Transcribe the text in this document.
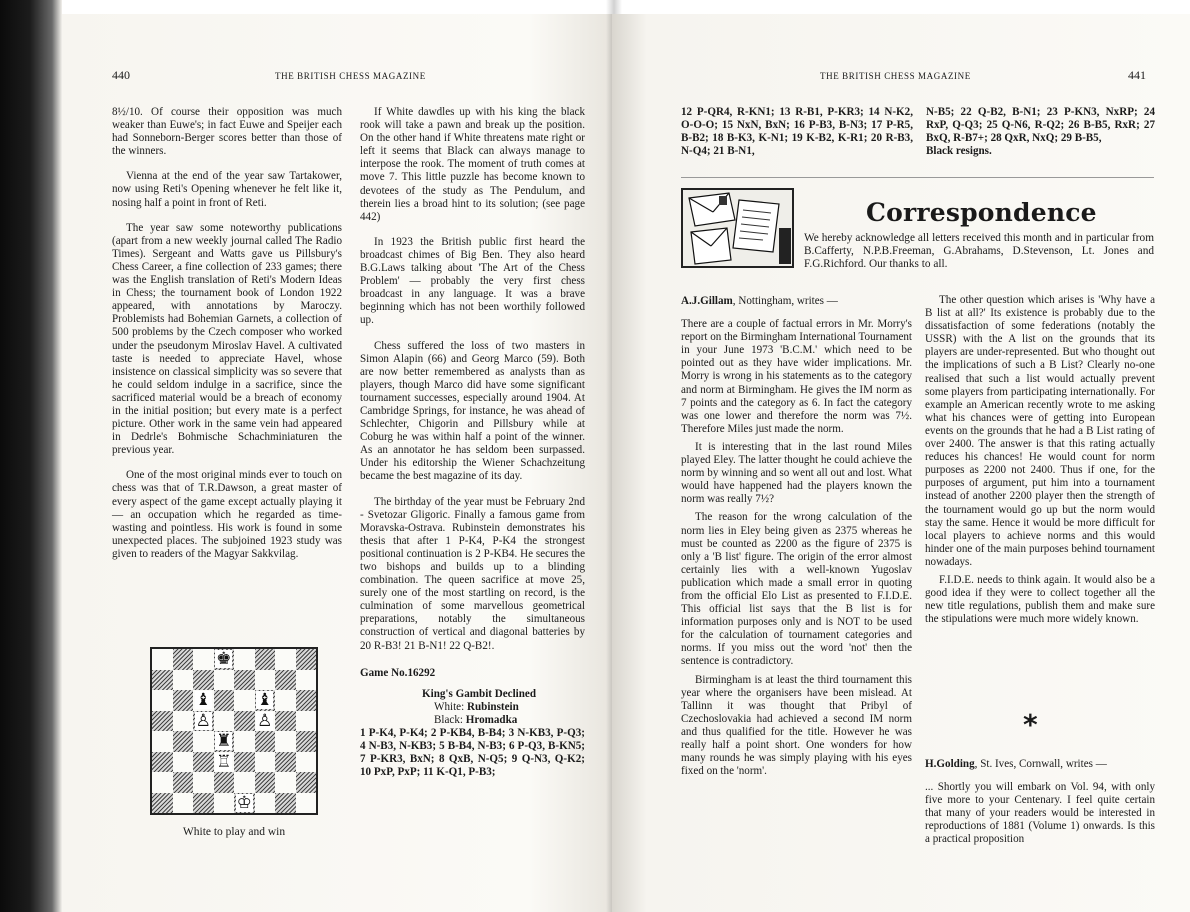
440	THE BRITISH CHESS MAGAZINE

8½/10. Of course their opposition was much weaker than Euwe's; in fact Euwe and Speijer each had Sonneborn-Berger scores better than those of the winners.

Vienna at the end of the year saw Tartakower, now using Reti's Opening whenever he felt like it, nosing half a point in front of Reti.

The year saw some noteworthy publications (apart from a new weekly journal called The Radio Times). Sergeant and Watts gave us Pillsbury's Chess Career, a fine collection of 233 games; there was the English translation of Reti's Modern Ideas in Chess; the tournament book of London 1922 appeared, with annotations by Maroczy. Problemists had Bohemian Garnets, a collection of 500 problems by the Czech composer who worked under the pseudonym Miroslav Havel. A cultivated taste is needed to appreciate Havel, whose insistence on classical simplicity was so severe that he could seldom indulge in a sacrifice, since the sacrificed material would be a breach of economy in the initial position; but every mate is a perfect picture. Other work in the same vein had appeared in Dedrle's Bohmische Schachminiaturen the previous year.

One of the most original minds ever to touch on chess was that of T.R.Dawson, a great master of every aspect of the game except actually playing it — an occupation which he regarded as time-wasting and pointless. His work is found in some unexpected places. The subjoined 1923 study was given to readers of the Magyar Sakkvilag.

♚
♝	♝
♙	♙
♜
♖
♔
White to play and win

If White dawdles up with his king the black rook will take a pawn and break up the position. On the other hand if White threatens mate right or left it seems that Black can always manage to interpose the rook. The moment of truth comes at move 7. This little puzzle has become known to devotees of the study as The Pendulum, and therein lies a broad hint to its solution; (see page 442)

In 1923 the British public first heard the broadcast chimes of Big Ben. They also heard B.G.Laws talking about 'The Art of the Chess Problem' — probably the very first chess broadcast in any language. It was a brave beginning which has not been worthily followed up.

Chess suffered the loss of two masters in Simon Alapin (66) and Georg Marco (59). Both are now better remembered as analysts than as players, though Marco did have some significant tournament successes, especially around 1904. At Cambridge Springs, for instance, he was ahead of Schlechter, Chigorin and Pillsbury while at Coburg he was within half a point of the winner. As an annotator he has seldom been surpassed. Under his editorship the Wiener Schachzeitung became the best magazine of its day.

The birthday of the year must be February 2nd - Svetozar Gligoric. Finally a famous game from Moravska-Ostrava. Rubinstein demonstrates his thesis that after 1 P-K4, P-K4 the strongest positional continuation is 2 P-KB4. He secures the two bishops and builds up to a blinding combination. The queen sacrifice at move 25, surely one of the most startling on record, is the culmination of some marvellous geometrical preparations, notably the simultaneous construction of vertical and diagonal batteries by 20 R-B3! 21 B-N1! 22 Q-B2!.

Game No.16292
King's Gambit Declined
White: Rubinstein
Black: Hromadka
1 P-K4, P-K4; 2 P-KB4, B-B4; 3 N-KB3, P-Q3; 4 N-B3, N-KB3; 5 B-B4, N-B3; 6 P-Q3, B-KN5; 7 P-KR3, BxN; 8 QxB, N-Q5; 9 Q-N3, Q-K2; 10 PxP, PxP; 11 K-Q1, P-B3;
THE BRITISH CHESS MAGAZINE	441
12 P-QR4, R-KN1; 13 R-B1, P-KR3; 14 N-K2, O-O-O; 15 NxN, BxN; 16 P-B3, B-N3; 17 P-R5, B-B2; 18 B-K3, K-N1; 19 K-B2, K-R1; 20 R-B3, N-Q4; 21 B-N1,
N-B5; 22 Q-B2, B-N1; 23 P-KN3, NxRP; 24 RxP, Q-Q3; 25 Q-N6, R-Q2; 26 B-B5, RxR; 27 BxQ, R-B7+; 28 QxR, NxQ; 29 B-B5,
Black resigns.
Correspondence
We hereby acknowledge all letters received this month and in particular from B.Cafferty, N.P.B.Freeman, G.Abrahams, D.Stevenson, Lt. Jones and F.G.Richford. Our thanks to all.

A.J.Gillam, Nottingham, writes —

There are a couple of factual errors in Mr. Morry's report on the Birmingham International Tournament in your June 1973 'B.C.M.' which need to be pointed out as they have wider implications. Mr. Morry is wrong in his statements as to the category and norm at Birmingham. He gives the IM norm as 7 points and the category as 6. In fact the category was one lower and therefore the norm was 7½. Therefore Miles just made the norm.

It is interesting that in the last round Miles played Eley. The latter thought he could achieve the norm by winning and so went all out and lost. What would have happened had the players known the norm was really 7½?

The reason for the wrong calculation of the norm lies in Eley being given as 2375 whereas he must be counted as 2200 as the figure of 2375 is only a 'B list' figure. The origin of the error almost certainly lies with a well-known Yugoslav publication which made a small error in quoting from the official Elo List as presented to F.I.D.E. This official list says that the B list is for information purposes only and is NOT to be used for the calculation of tournament categories and norms. If you miss out the word 'not' then the sentence is contradictory.

Birmingham is at least the third tournament this year where the organisers have been mislead. At Tallinn it was thought that Pribyl of Czechoslovakia had achieved a second IM norm and thus qualified for the title. However he was really half a point short. One wonders for how many rounds he was simply playing with his eyes fixed on the 'norm'.

The other question which arises is 'Why have a B list at all?' Its existence is probably due to the dissatisfaction of some federations (notably the USSR) with the A list on the grounds that its players are under-represented. But who thought out the implications of such a B List? Clearly no-one realised that such a list would actually prevent some players from participating internationally. For example an American recently wrote to me asking what his chances were of getting into European events on the grounds that he had a B List rating of over 2400. The answer is that this rating actually reduces his chances! He would count for norm purposes as 2200 not 2400. Thus if one, for the purposes of argument, put him into a tournament instead of another 2200 player then the strength of the tournament would go up but the norm would stay the same. Hence it would be more difficult for local players to achieve norms and this would hinder one of the main purposes behind tournament nowadays.

F.I.D.E. needs to think again. It would also be a good idea if they were to collect together all the new title regulations, publish them and make sure the stipulations were much more widely known.

*

H.Golding, St. Ives, Cornwall, writes —

... Shortly you will embark on Vol. 94, with only five more to your Centenary. I feel quite certain that many of your readers would be interested in reproductions of 1881 (Volume 1) onwards. Is this a practical proposition
